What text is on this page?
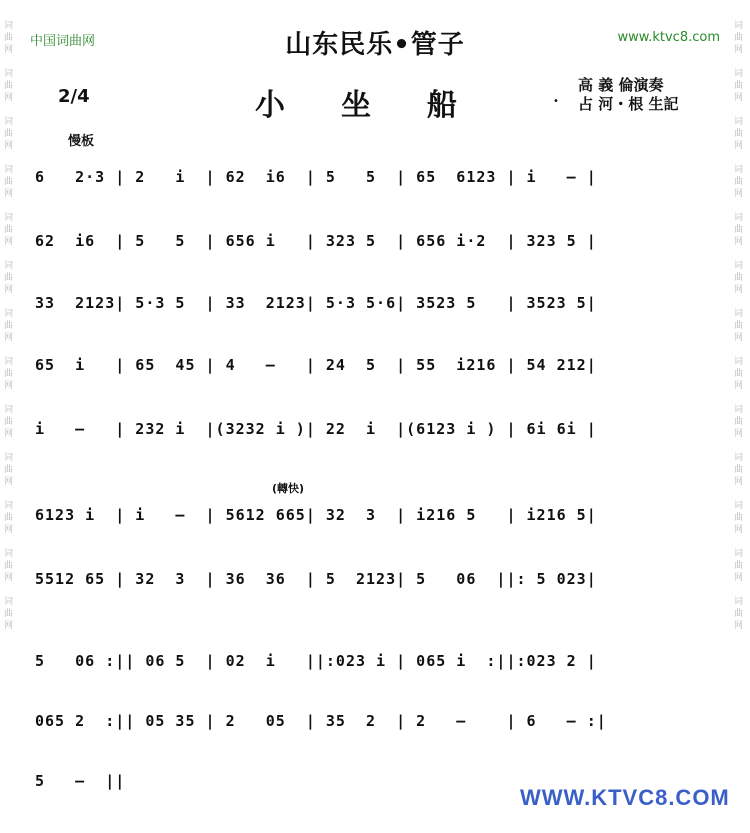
词
曲
网

词
曲
网

词
曲
网

词
曲
网

词
曲
网

词
曲
网

词
曲
网

词
曲
网

词
曲
网

词
曲
网

词
曲
网

词
曲
网

词
曲
网
词
曲
网

词
曲
网

词
曲
网

词
曲
网

词
曲
网

词
曲
网

词
曲
网

词
曲
网

词
曲
网

词
曲
网

词
曲
网

词
曲
网

词
曲
网
中国词曲网	山东民乐•管子	www.ktvc8.com
2/4	小坐船	•
高 義 倫演奏
占 河・根 生記
慢板
(轉快)
6   2·3 | 2   i  | 62  i6  | 5   5  | 65  6123 | i   — |
62  i6  | 5   5  | 656 i   | 323 5  | 656 i·2  | 323 5 |
33  2123| 5·3 5  | 33  2123| 5·3 5·6| 3523 5   | 3523 5|
65  i   | 65  45 | 4   —   | 24  5  | 55  i216 | 54 212|
i   —   | 232 i  |(3232 i )| 22  i  |(6123 i ) | 6i 6i |
6123 i  | i   —  | 5612 665| 32  3  | i216 5   | i216 5|
5512 65 | 32  3  | 36  36  | 5  2123| 5   06  ||: 5 023|
5   06 :|| 06 5  | 02  i   ||:023 i | 065 i  :||:023 2 |
065 2  :|| 05 35 | 2   05  | 35  2  | 2   —    | 6   — :|
5   —  ||
WWW.KTVC8.COM
